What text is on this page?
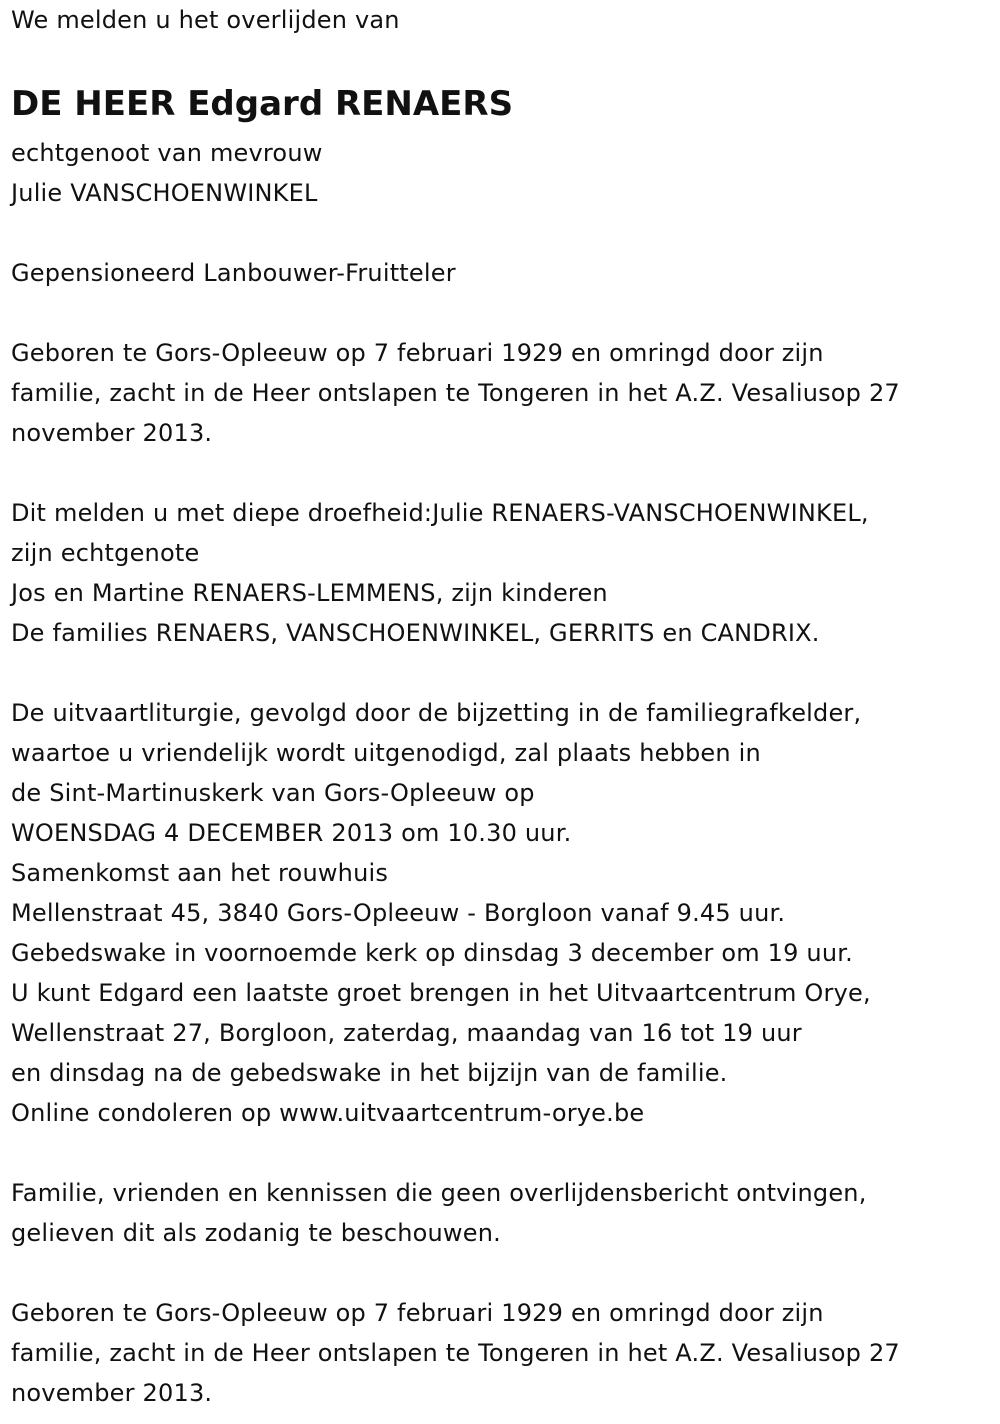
We melden u het overlijden van
DE HEER Edgard RENAERS
echtgenoot van mevrouw
Julie VANSCHOENWINKEL
Gepensioneerd Lanbouwer-Fruitteler
Geboren te Gors-Opleeuw op 7 februari 1929 en omringd door zijn
familie, zacht in de Heer ontslapen te Tongeren in het A.Z. Vesaliusop 27
november 2013.
Dit melden u met diepe droefheid:Julie RENAERS-VANSCHOENWINKEL,
zijn echtgenote
Jos en Martine RENAERS-LEMMENS, zijn kinderen
De families RENAERS, VANSCHOENWINKEL, GERRITS en CANDRIX.
De uitvaartliturgie, gevolgd door de bijzetting in de familiegrafkelder,
waartoe u vriendelijk wordt uitgenodigd, zal plaats hebben in
de Sint-Martinuskerk van Gors-Opleeuw op
WOENSDAG 4 DECEMBER 2013 om 10.30 uur.
Samenkomst aan het rouwhuis
Mellenstraat 45, 3840 Gors-Opleeuw - Borgloon vanaf 9.45 uur.
Gebedswake in voornoemde kerk op dinsdag 3 december om 19 uur.
U kunt Edgard een laatste groet brengen in het Uitvaartcentrum Orye,
Wellenstraat 27, Borgloon, zaterdag, maandag van 16 tot 19 uur
en dinsdag na de gebedswake in het bijzijn van de familie.
Online condoleren op www.uitvaartcentrum-orye.be
Familie, vrienden en kennissen die geen overlijdensbericht ontvingen,
gelieven dit als zodanig te beschouwen.
Geboren te Gors-Opleeuw op 7 februari 1929 en omringd door zijn
familie, zacht in de Heer ontslapen te Tongeren in het A.Z. Vesaliusop 27
november 2013.
